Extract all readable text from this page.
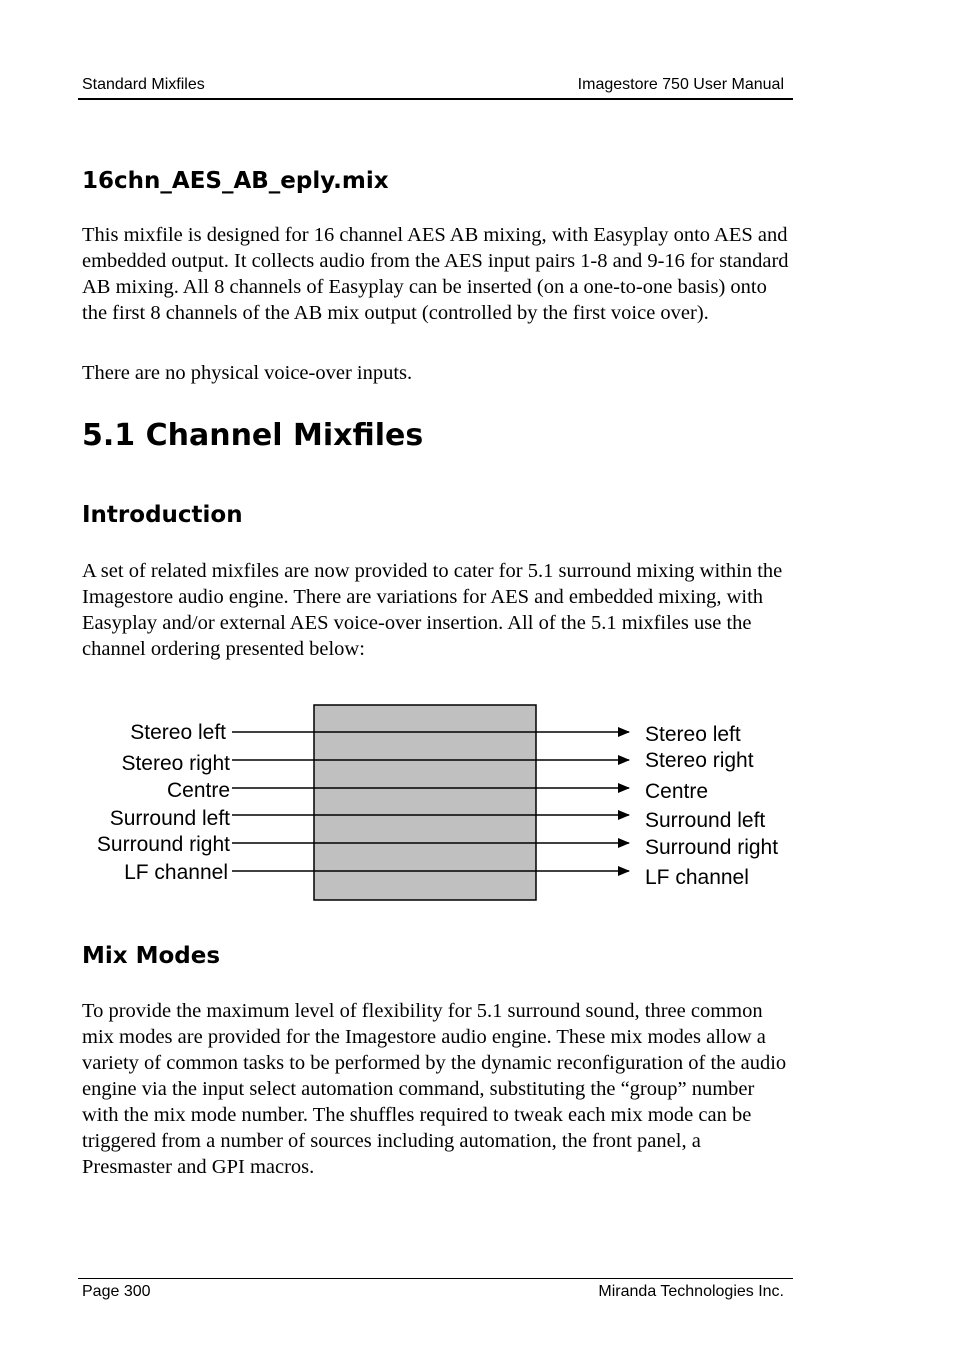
Standard Mixfiles	Imagestore 750 User Manual
16chn_AES_AB_eply.mix

This mixfile is designed for 16 channel AES AB mixing, with Easyplay onto AES and embedded output. It collects audio from the AES input pairs 1-8 and 9-16 for standard AB mixing. All 8 channels of Easyplay can be inserted (on a one-to-one basis) onto the first 8 channels of the AB mix output (controlled by the first voice over).

There are no physical voice-over inputs.

5.1 Channel Mixfiles
Introduction

A set of related mixfiles are now provided to cater for 5.1 surround mixing within the Imagestore audio engine. There are variations for AES and embedded mixing, with Easyplay and/or external AES voice-over insertion. All of the 5.1 mixfiles use the channel ordering presented below:

Stereo left
Stereo right
Centre
Surround left
Surround right
LF channel
Stereo left
Stereo right
Centre
Surround left
Surround right
LF channel
Mix Modes

To provide the maximum level of flexibility for 5.1 surround sound, three common mix modes are provided for the Imagestore audio engine. These mix modes allow a variety of common tasks to be performed by the dynamic reconfiguration of the audio engine via the input select automation command, substituting the “group” number with the mix mode number. The shuffles required to tweak each mix mode can be triggered from a number of sources including automation, the front panel, a Presmaster and GPI macros.

Page 300	Miranda Technologies Inc.
